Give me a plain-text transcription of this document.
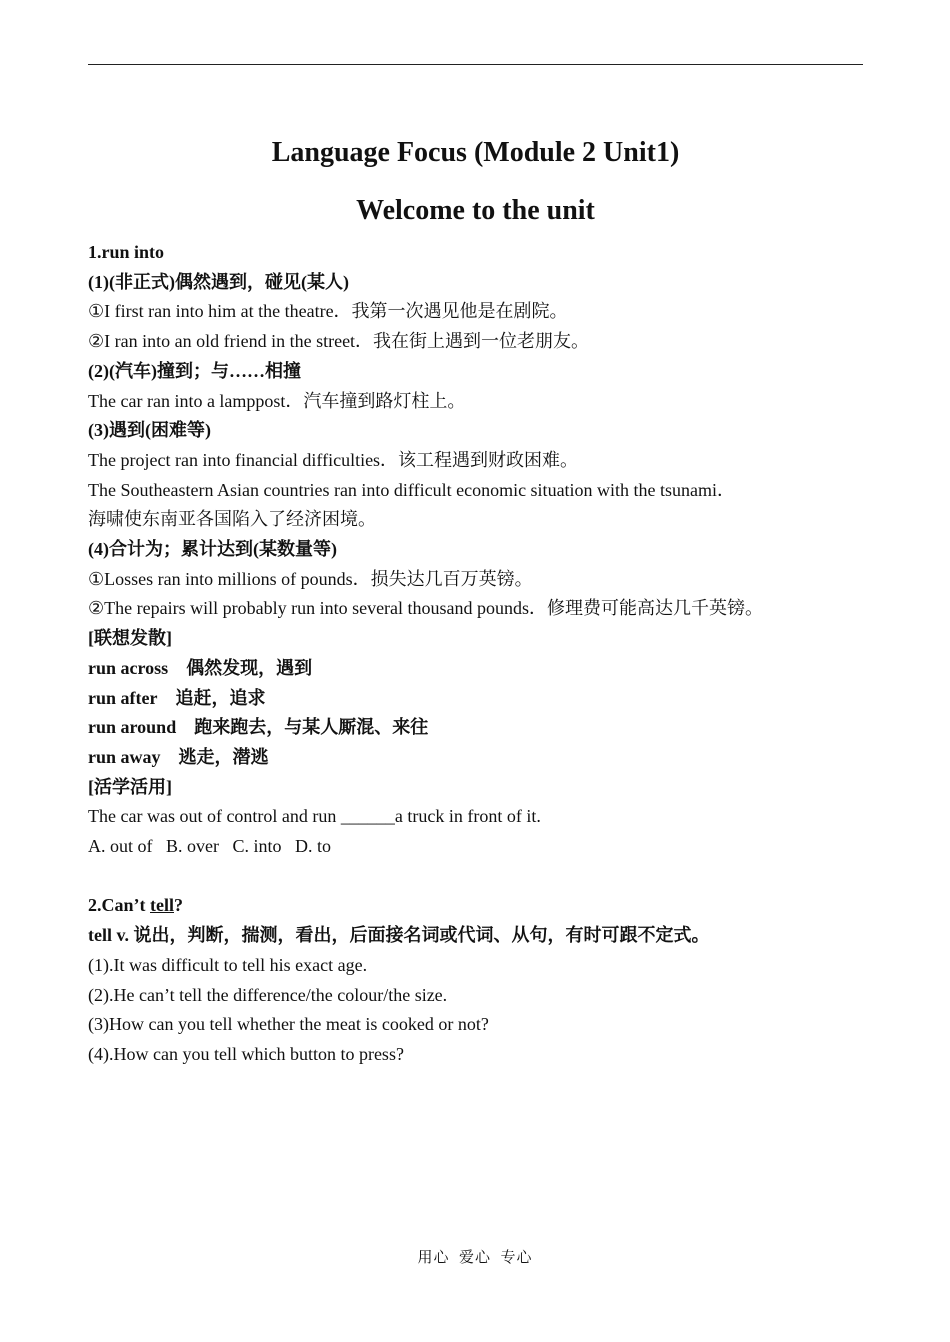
Language Focus (Module 2 Unit1)
Welcome to the unit

1.run into

(1)(非正式)偶然遇到，碰见(某人)

①I first ran into him at the theatre．我第一次遇见他是在剧院。

②I ran into an old friend in the street．我在街上遇到一位老朋友。

(2)(汽车)撞到；与……相撞

The car ran into a lamppost．汽车撞到路灯柱上。

(3)遇到(困难等)

The project ran into financial difficulties．该工程遇到财政困难。

The Southeastern Asian countries ran into difficult economic situation with the tsunami．

海啸使东南亚各国陷入了经济困境。

(4)合计为；累计达到(某数量等)

①Losses ran into millions of pounds．损失达几百万英镑。

②The repairs will probably run into several thousand pounds．修理费可能高达几千英镑。

[联想发散]

run across 偶然发现，遇到

run after 追赶，追求

run around 跑来跑去，与某人厮混、来往

run away 逃走，潜逃

[活学活用]

The car was out of control and run ______a truck in front of it.

A. out of   B. over   C. into   D. to

2.Can’t tell?

tell v. 说出，判断，揣测，看出，后面接名词或代词、从句，有时可跟不定式。

(1).It was difficult to tell his exact age.

(2).He can’t tell the difference/the colour/the size.

(3)How can you tell whether the meat is cooked or not?

(4).How can you tell which button to press?

用心  爱心  专心
